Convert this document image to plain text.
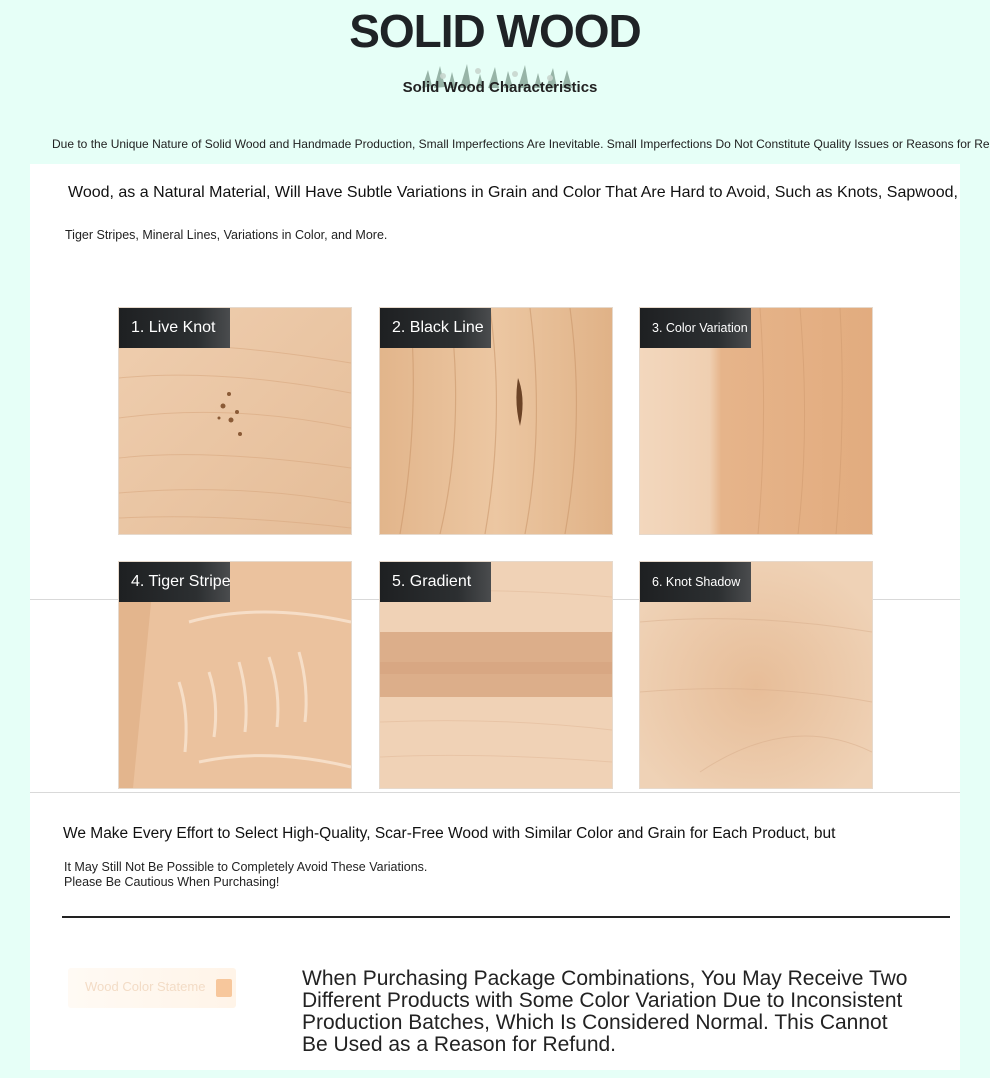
SOLID WOOD
Solid Wood Characteristics
Due to the Unique Nature of Solid Wood and Handmade Production, Small Imperfections Are Inevitable. Small Imperfections Do Not Constitute Quality Issues or Reasons for Re
Wood, as a Natural Material, Will Have Subtle Variations in Grain and Color That Are Hard to Avoid, Such as Knots, Sapwood,
Tiger Stripes, Mineral Lines, Variations in Color, and More.
1. Live Knot	2. Black Line	3. Color Variation
4. Tiger Stripe	5. Gradient	6. Knot Shadow
We Make Every Effort to Select High-Quality, Scar-Free Wood with Similar Color and Grain for Each Product, but
It May Still Not Be Possible to Completely Avoid These Variations.
Please Be Cautious When Purchasing!
Wood Color Stateme	When Purchasing Package Combinations, You May Receive Two Different Products with Some Color Variation Due to Inconsistent Production Batches, Which Is Considered Normal. This Cannot Be Used as a Reason for Refund.
